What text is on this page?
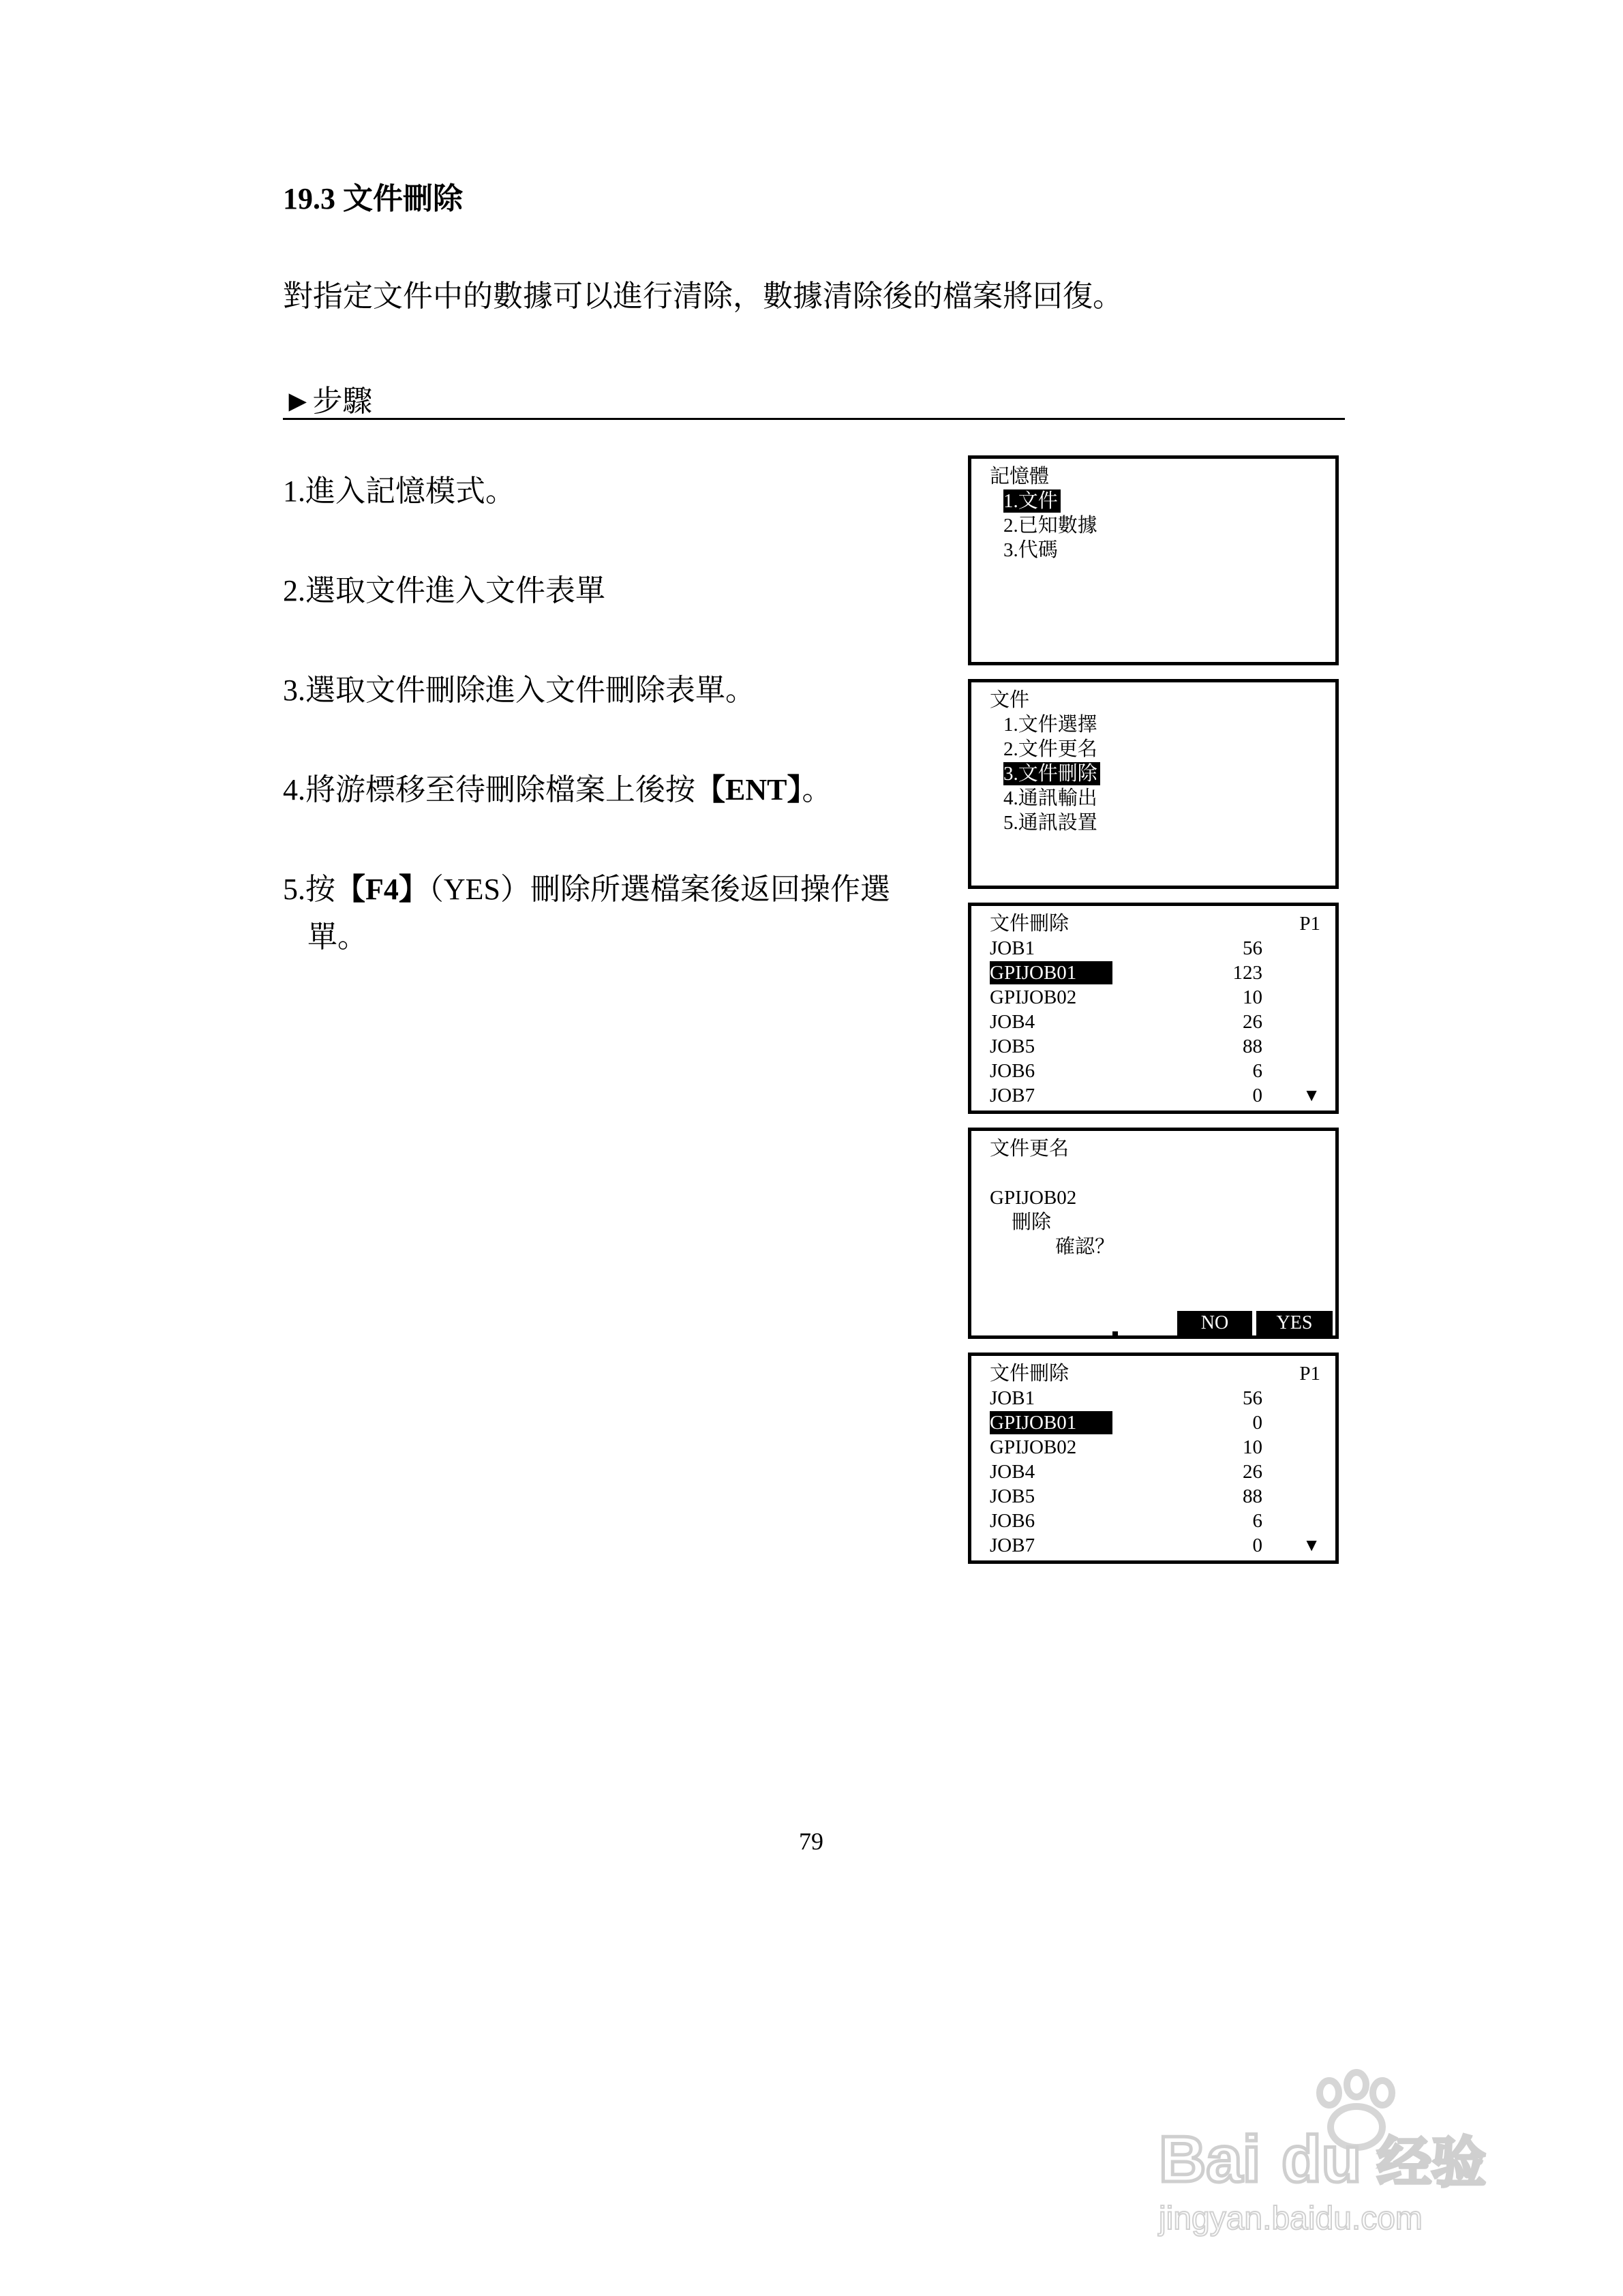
19.3 文件刪除
對指定文件中的數據可以進行清除，數據清除後的檔案將回復。
►步驟
1.進入記憶模式。
2.選取文件進入文件表單
3.選取文件刪除進入文件刪除表單。
4.將游標移至待刪除檔案上後按【ENT】。
5.按【F4】（YES）刪除所選檔案後返回操作選
單。
記憶體
1.文件
2.已知數據
3.代碼
文件
1.文件選擇
2.文件更名
3.文件刪除
4.通訊輸出
5.通訊設置
文件刪除	P1
JOB1	56
GPIJOB01	123
GPIJOB02	10
JOB4	26
JOB5	88
JOB6	6
JOB7	0 ▼
文件更名
GPIJOB02
刪除
確認？
NO	YES
文件刪除	P1
JOB1	56
GPIJOB01	0
GPIJOB02	10
JOB4	26
JOB5	88
JOB6	6
JOB7	0 ▼
79
Bai du 经验
jingyan.baidu.com
